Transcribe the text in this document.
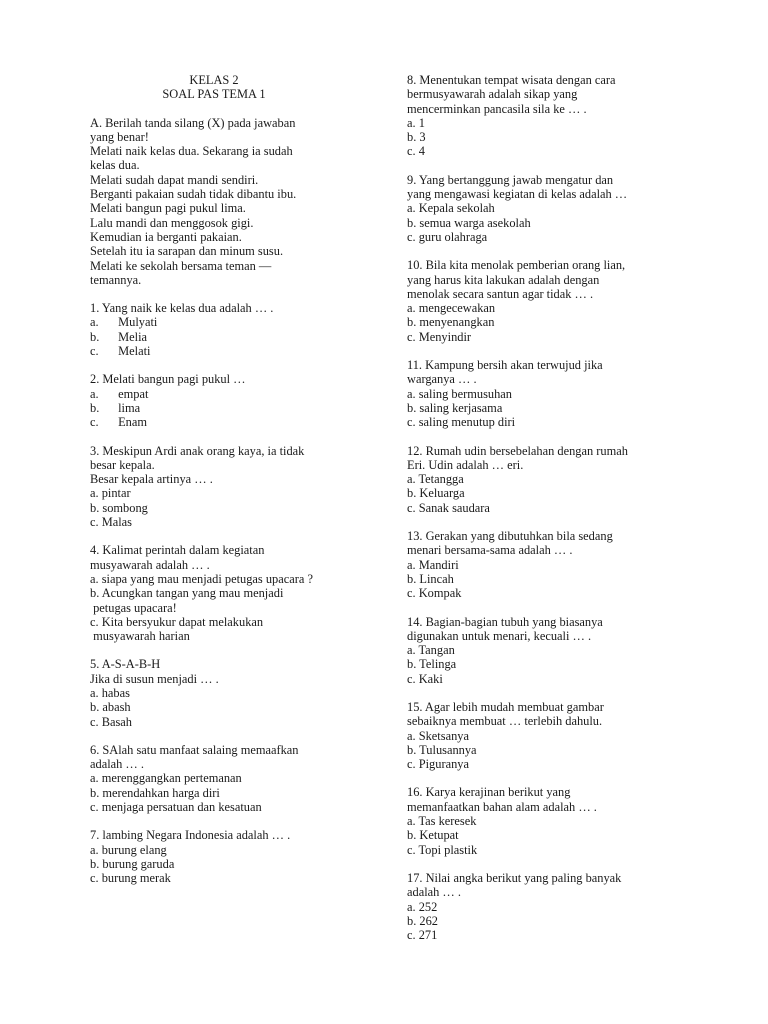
KELAS 2
SOAL PAS TEMA 1
A. Berilah tanda silang (X) pada jawaban
yang benar!
Melati naik kelas dua. Sekarang ia sudah
kelas dua.
Melati sudah dapat mandi sendiri.
Berganti pakaian sudah tidak dibantu ibu.
Melati bangun pagi pukul lima.
Lalu mandi dan menggosok gigi.
Kemudian ia berganti pakaian.
Setelah itu ia sarapan dan minum susu.
Melati ke sekolah bersama teman —
temannya.
1. Yang naik ke kelas dua adalah … .
a. Mulyati
b. Melia
c. Melati
2. Melati bangun pagi pukul …
a. empat
b. lima
c. Enam
3. Meskipun Ardi anak orang kaya, ia tidak
besar kepala.
Besar kepala artinya … .
a. pintar
b. sombong
c. Malas
4. Kalimat perintah dalam kegiatan
musyawarah adalah … .
a. siapa yang mau menjadi petugas upacara ?
b. Acungkan tangan yang mau menjadi
petugas upacara!
c. Kita bersyukur dapat melakukan
musyawarah harian
5. A-S-A-B-H
Jika di susun menjadi … .
a. habas
b. abash
c. Basah
6. SAlah satu manfaat salaing memaafkan
adalah … .
a. merenggangkan pertemanan
b. merendahkan harga diri
c. menjaga persatuan dan kesatuan
7. lambing Negara Indonesia adalah … .
a. burung elang
b. burung garuda
c. burung merak
8. Menentukan tempat wisata dengan cara
bermusyawarah adalah sikap yang
mencerminkan pancasila sila ke … .
a. 1
b. 3
c. 4
9. Yang bertanggung jawab mengatur dan
yang mengawasi kegiatan di kelas adalah …
a. Kepala sekolah
b. semua warga asekolah
c. guru olahraga
10. Bila kita menolak pemberian orang lian,
yang harus kita lakukan adalah dengan
menolak secara santun agar tidak … .
a. mengecewakan
b. menyenangkan
c. Menyindir
11. Kampung bersih akan terwujud jika
warganya … .
a. saling bermusuhan
b. saling kerjasama
c. saling menutup diri
12. Rumah udin bersebelahan dengan rumah
Eri. Udin adalah … eri.
a. Tetangga
b. Keluarga
c. Sanak saudara
13. Gerakan yang dibutuhkan bila sedang
menari bersama-sama adalah … .
a. Mandiri
b. Lincah
c. Kompak
14. Bagian-bagian tubuh yang biasanya
digunakan untuk menari, kecuali … .
a. Tangan
b. Telinga
c. Kaki
15. Agar lebih mudah membuat gambar
sebaiknya membuat … terlebih dahulu.
a. Sketsanya
b. Tulusannya
c. Piguranya
16. Karya kerajinan berikut yang
memanfaatkan bahan alam adalah … .
a. Tas keresek
b. Ketupat
c. Topi plastik
17. Nilai angka berikut yang paling banyak
adalah … .
a. 252
b. 262
c. 271
